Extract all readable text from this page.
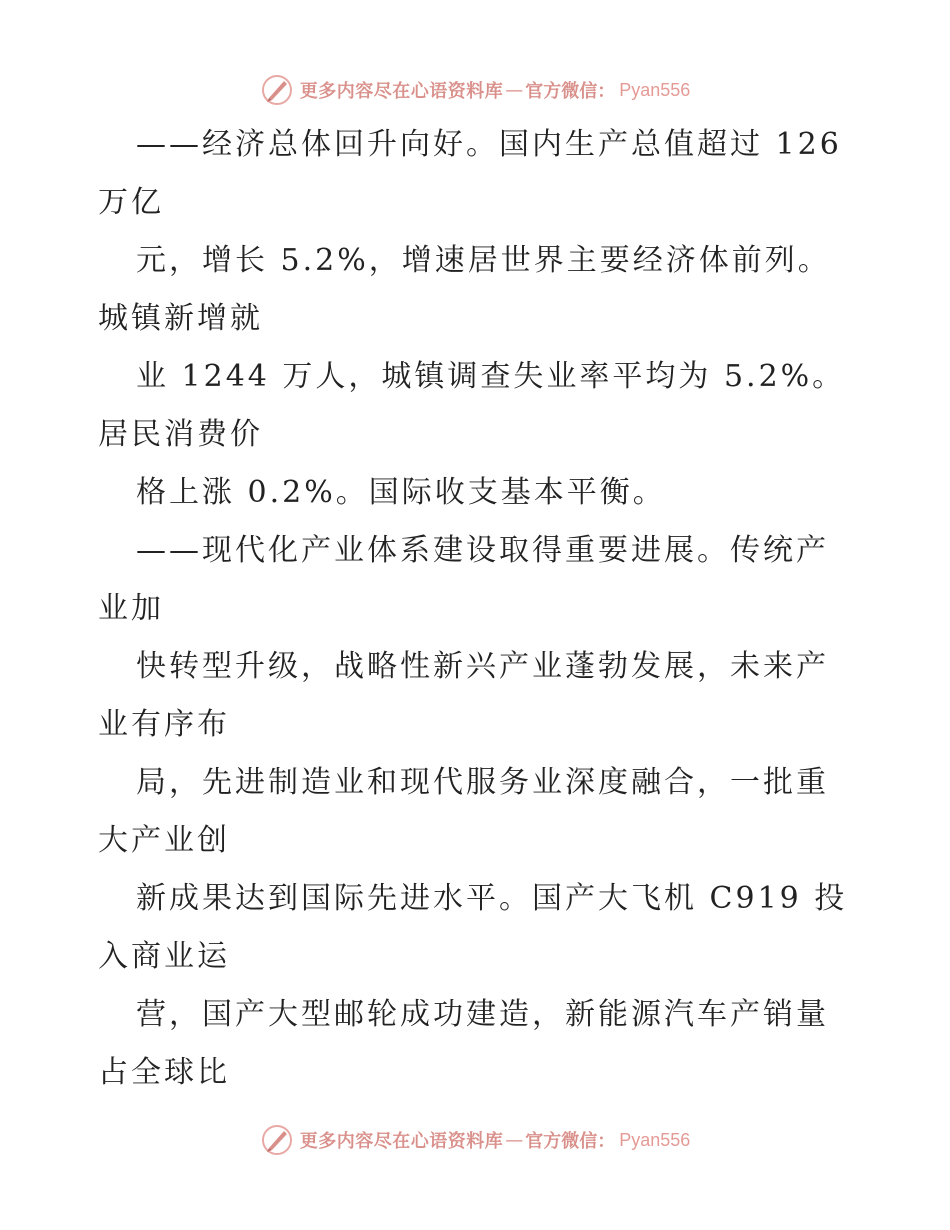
更多内容尽在心语资料库 — 官方微信： Pyan556
——经济总体回升向好。国内生产总值超过 126
万亿
元，增长 5.2%，增速居世界主要经济体前列。
城镇新增就
业 1244 万人，城镇调查失业率平均为 5.2%。
居民消费价
格上涨 0.2%。国际收支基本平衡。
——现代化产业体系建设取得重要进展。传统产
业加
快转型升级，战略性新兴产业蓬勃发展，未来产
业有序布
局，先进制造业和现代服务业深度融合，一批重
大产业创
新成果达到国际先进水平。国产大飞机 C919 投
入商业运
营，国产大型邮轮成功建造，新能源汽车产销量
占全球比
更多内容尽在心语资料库 — 官方微信： Pyan556
